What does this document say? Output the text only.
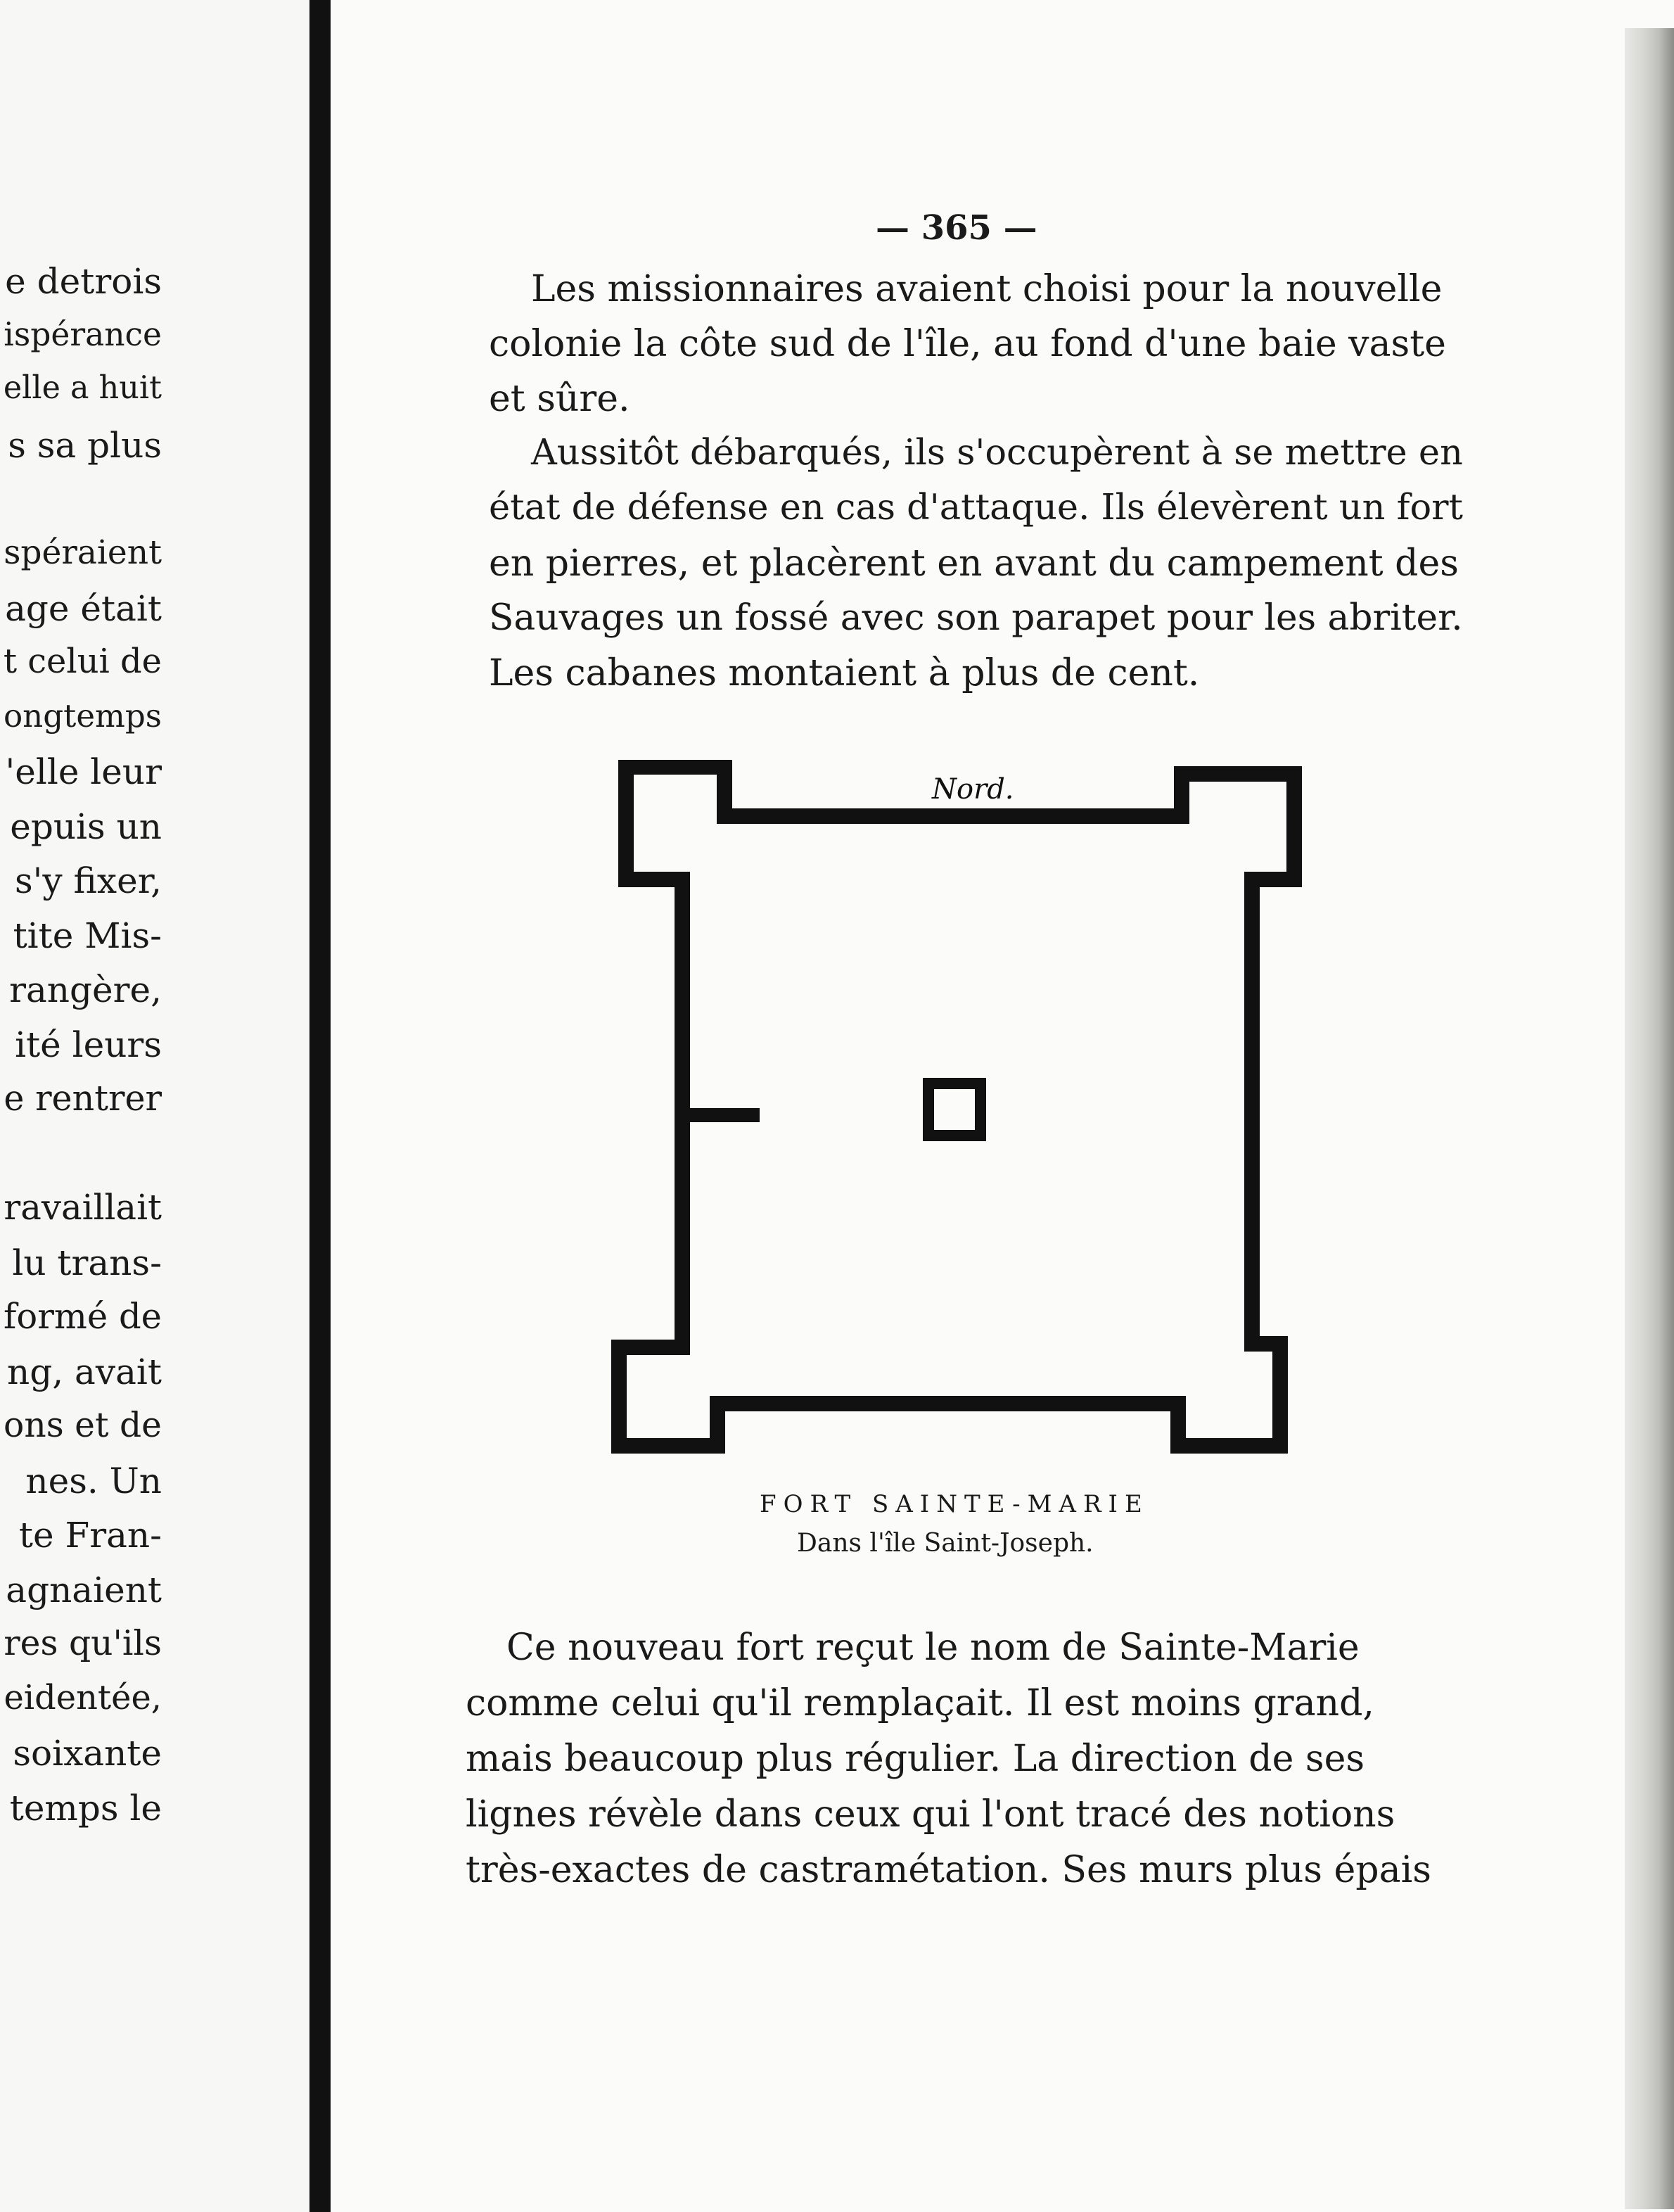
e detrois
ispérance
elle a huit
s sa plus
spéraient
age était
t celui de
ongtemps
'elle leur
epuis un
s'y fixer,
tite Mis-
rangère,
ité leurs
e rentrer
ravaillait
lu trans-
formé de
ng, avait
ons et de
nes. Un
te Fran-
agnaient
res qu'ils
eidentée,
soixante
temps le
— 365 —
Les missionnaires avaient choisi pour la nouvelle
colonie la côte sud de l'île, au fond d'une baie vaste
et sûre.
Aussitôt débarqués, ils s'occupèrent à se mettre en
état de défense en cas d'attaque. Ils élevèrent un fort
en pierres, et placèrent en avant du campement des
Sauvages un fossé avec son parapet pour les abriter.
Les cabanes montaient à plus de cent.
Nord.
FORT SAINTE-MARIE
Dans l'île Saint-Joseph.
Ce nouveau fort reçut le nom de Sainte-Marie
comme celui qu'il remplaçait. Il est moins grand,
mais beaucoup plus régulier. La direction de ses
lignes révèle dans ceux qui l'ont tracé des notions
très-exactes de castramétation. Ses murs plus épais
